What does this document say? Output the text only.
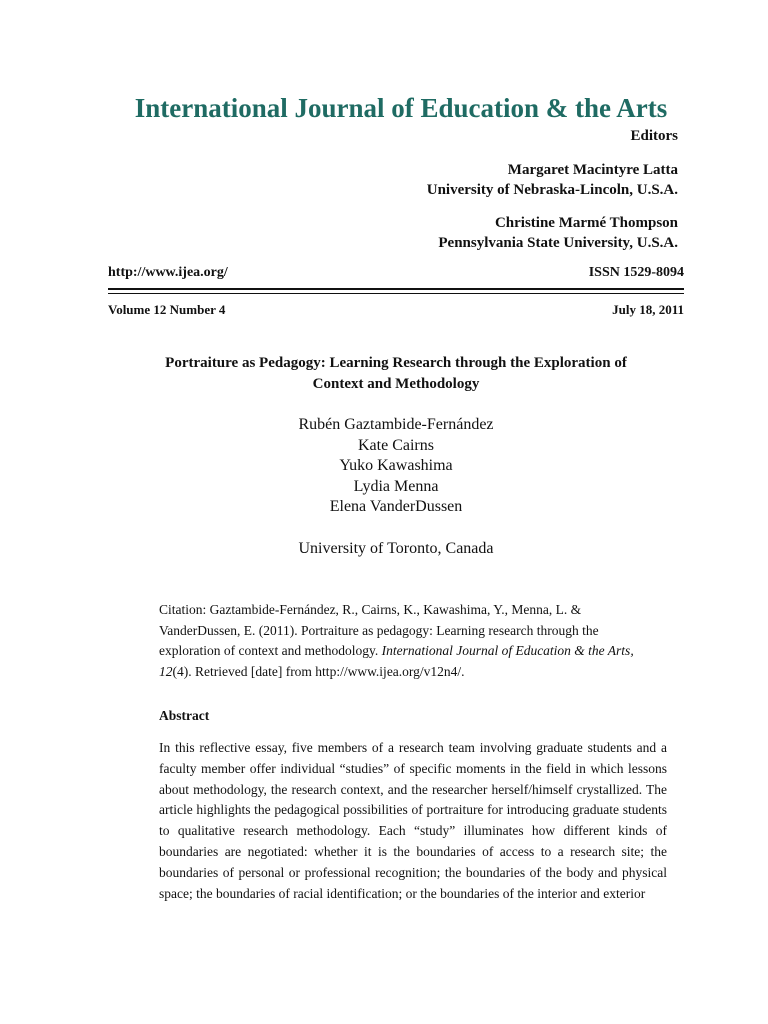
International Journal of Education & the Arts
Editors
Margaret Macintyre Latta
University of Nebraska-Lincoln, U.S.A.
Christine Marmé Thompson
Pennsylvania State University, U.S.A.
http://www.ijea.org/	ISSN 1529-8094
Volume 12 Number 4	July 18, 2011
Portraiture as Pedagogy: Learning Research through the Exploration of
Context and Methodology
Rubén Gaztambide-Fernández
Kate Cairns
Yuko Kawashima
Lydia Menna
Elena VanderDussen
University of Toronto, Canada
Citation: Gaztambide-Fernández, R., Cairns, K., Kawashima, Y., Menna, L. & VanderDussen, E. (2011). Portraiture as pedagogy: Learning research through the exploration of context and methodology. International Journal of Education & the Arts, 12(4). Retrieved [date] from http://www.ijea.org/v12n4/.
Abstract
In this reflective essay, five members of a research team involving graduate students and a faculty member offer individual “studies” of specific moments in the field in which lessons about methodology, the research context, and the researcher herself/himself crystallized. The article highlights the pedagogical possibilities of portraiture for introducing graduate students to qualitative research methodology. Each “study” illuminates how different kinds of boundaries are negotiated: whether it is the boundaries of access to a research site; the boundaries of personal or professional recognition; the boundaries of the body and physical space; the boundaries of racial identification; or the boundaries of the interior and exterior
